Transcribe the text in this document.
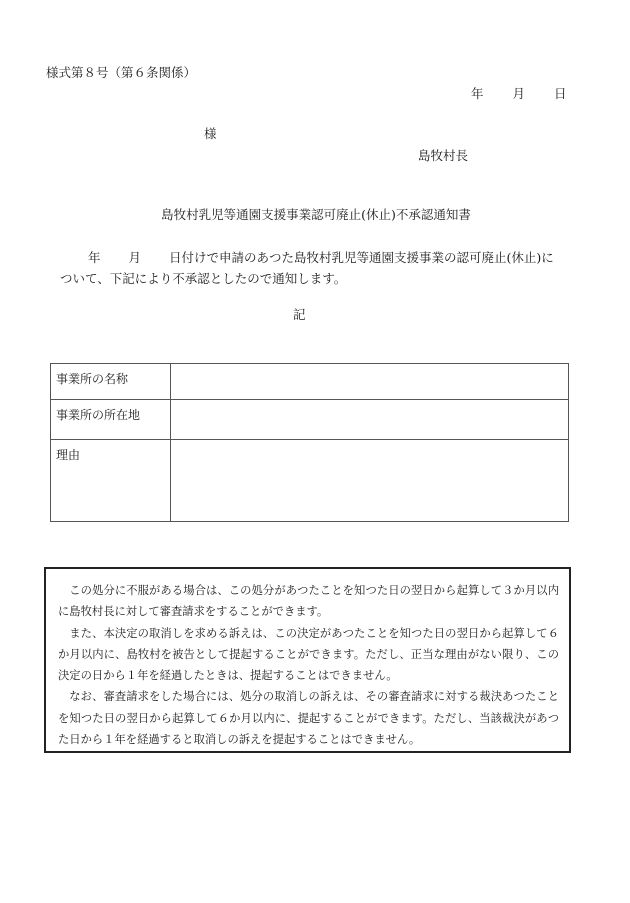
様式第８号（第６条関係）
年 月 日
様
島牧村長
島牧村乳児等通園支援事業認可廃止(休止)不承認通知書
年 月 日付けで申請のあつた島牧村乳児等通園支援事業の認可廃止(休止)に
ついて、下記により不承認としたので通知します。
記
事業所の名称	
事業所の所在地	
理由	

この処分に不服がある場合は、この処分があつたことを知つた日の翌日から起算して３か月以内に島牧村長に対して審査請求をすることができます。

また、本決定の取消しを求める訴えは、この決定があつたことを知つた日の翌日から起算して６か月以内に、島牧村を被告として提起することができます。ただし、正当な理由がない限り、この決定の日から１年を経過したときは、提起することはできません。

なお、審査請求をした場合には、処分の取消しの訴えは、その審査請求に対する裁決あつたことを知つた日の翌日から起算して６か月以内に、提起することができます。ただし、当該裁決があつた日から１年を経過すると取消しの訴えを提起することはできません。
